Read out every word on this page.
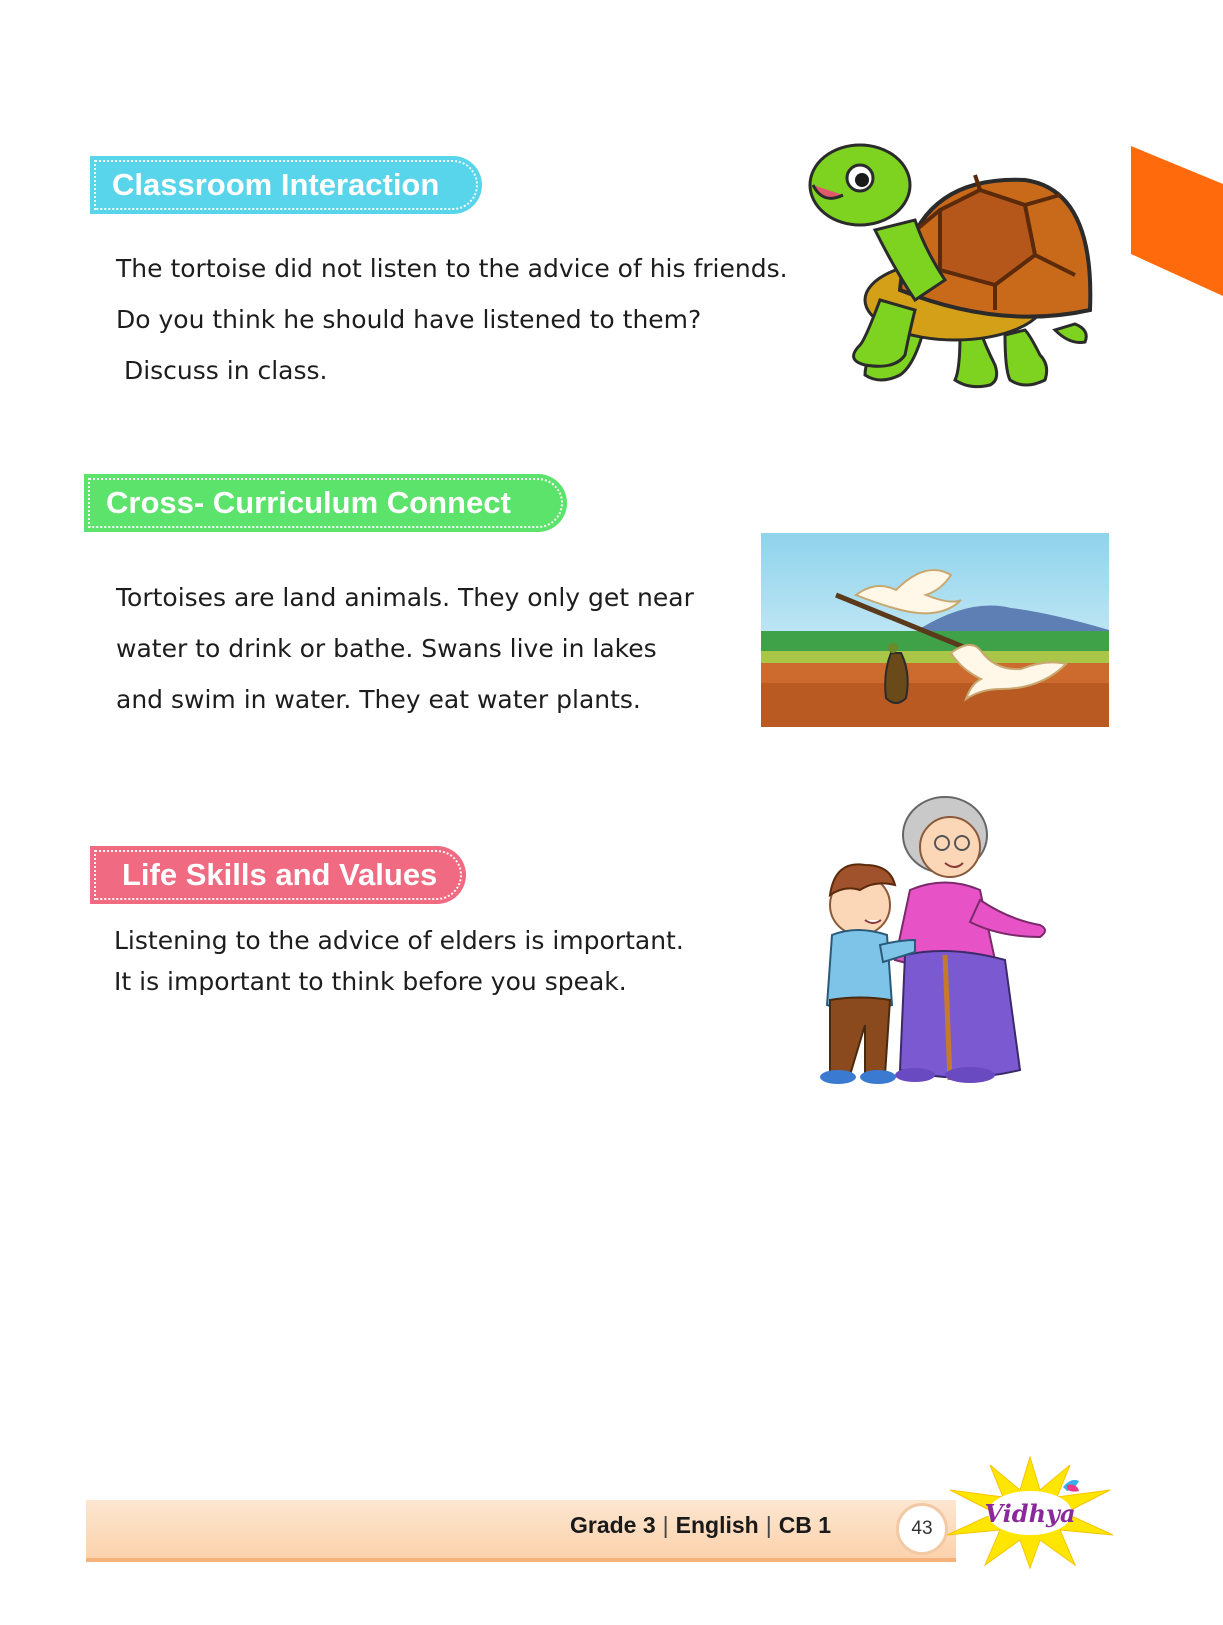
Classroom Interaction
The tortoise did not listen to the advice of his friends.
Do you think he should have listened to them?
Discuss in class.
Cross- Curriculum Connect
Tortoises are land animals. They only get near
water to drink or bathe. Swans live in lakes
and swim in water. They eat water plants.
Life Skills and Values
Listening to the advice of elders is important.
It is important to think before you speak.
Grade 3 | English | CB 1	43
Vidhya
